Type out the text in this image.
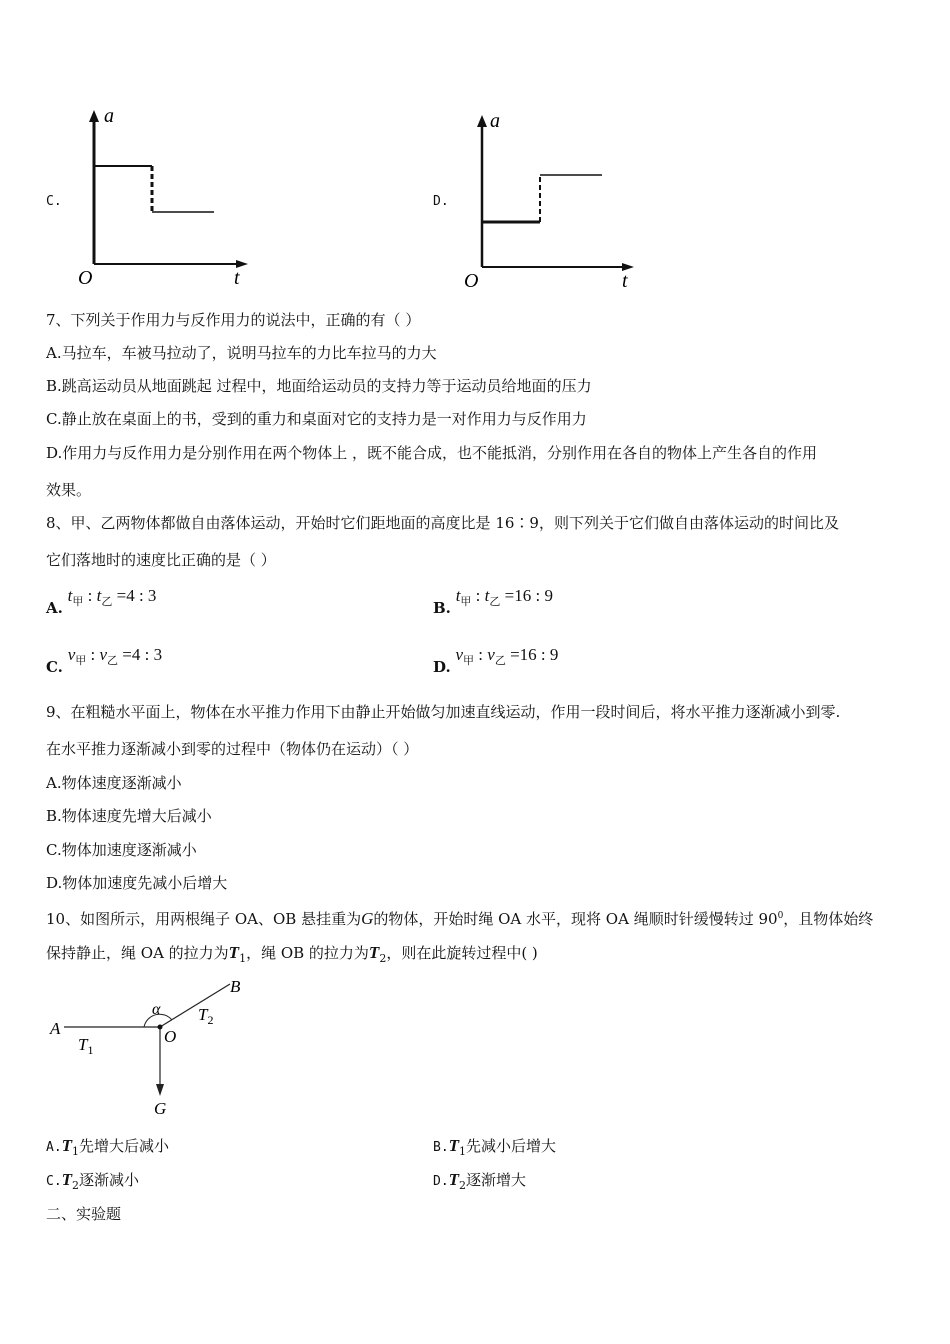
C.
a
O	t
D.
a
O	t
7、下列关于作用力与反作用力的说法中，正确的有（ ）
A.马拉车，车被马拉动了，说明马拉车的力比车拉马的力大
B.跳高运动员从地面跳起 过程中，地面给运动员的支持力等于运动员给地面的压力
C.静止放在桌面上的书，受到的重力和桌面对它的支持力是一对作用力与反作用力
D.作用力与反作用力是分别作用在两个物体上 ，既不能合成，也不能抵消，分别作用在各自的物体上产生各自的作用
效果。
8、甲、乙两物体都做自由落体运动，开始时它们距地面的高度比是 16∶9，则下列关于它们做自由落体运动的时间比及
它们落地时的速度比正确的是（ ）
A. $t_甲$ : $t_乙 =4$ : 3
B. $t_甲$ : $t_乙 =16$ : 9
C. $v_甲$ : $v_乙 =4$ : 3
D. $v_甲$ : $v_乙 =16$ : 9
9、在粗糙水平面上，物体在水平推力作用下由静止开始做匀加速直线运动，作用一段时间后，将水平推力逐渐减小到零.
在水平推力逐渐减小到零的过程中（物体仍在运动）（ ）
A.物体速度逐渐减小
B.物体速度先增大后减小
C.物体加速度逐渐减小
D.物体加速度先减小后增大
10、如图所示，用两根绳子 OA、OB 悬挂重为G的物体，开始时绳 OA 水平，现将 OA 绳顺时针缓慢转过 $90^0$，且物体始终
保持静止，绳 OA 的拉力为$T_1$，绳 OB 的拉力为$T_2$，则在此旋转过程中( )
A
B
O
G
α
$T_1$
$T_2$
$A.T_1$先增大后减小	$B.T_1$先减小后增大
$C.T_2$逐渐减小	$D.T_2$逐渐增大
二、实验题
